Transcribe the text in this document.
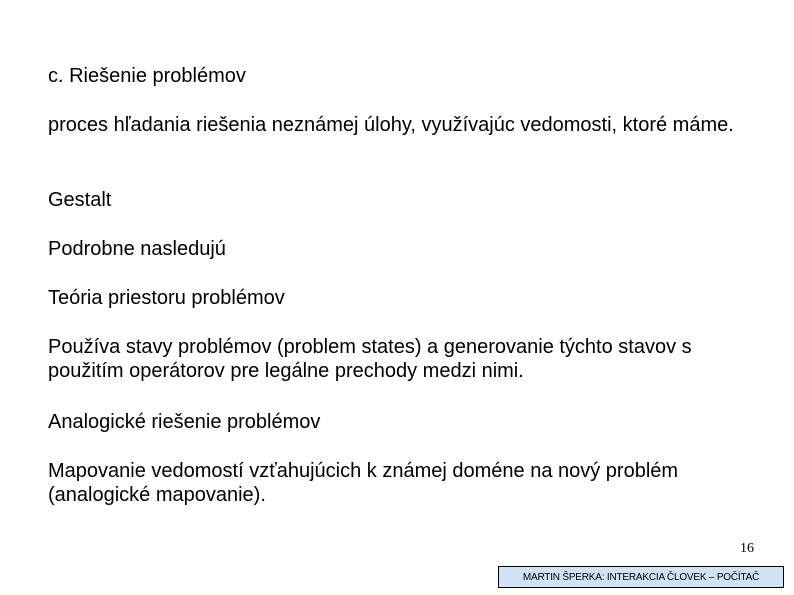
c. Riešenie problémov
proces hľadania riešenia neznámej úlohy, využívajúc vedomosti, ktoré máme.
Gestalt
Podrobne nasledujú
Teória priestoru problémov
Používa stavy problémov (problem states) a generovanie týchto stavov s použitím operátorov pre legálne prechody medzi nimi.
Analogické riešenie problémov
Mapovanie vedomostí vzťahujúcich k známej doméne na nový problém (analogické mapovanie).
16
MARTIN ŠPERKA: INTERAKCIA ČLOVEK – POČÍTAČ
